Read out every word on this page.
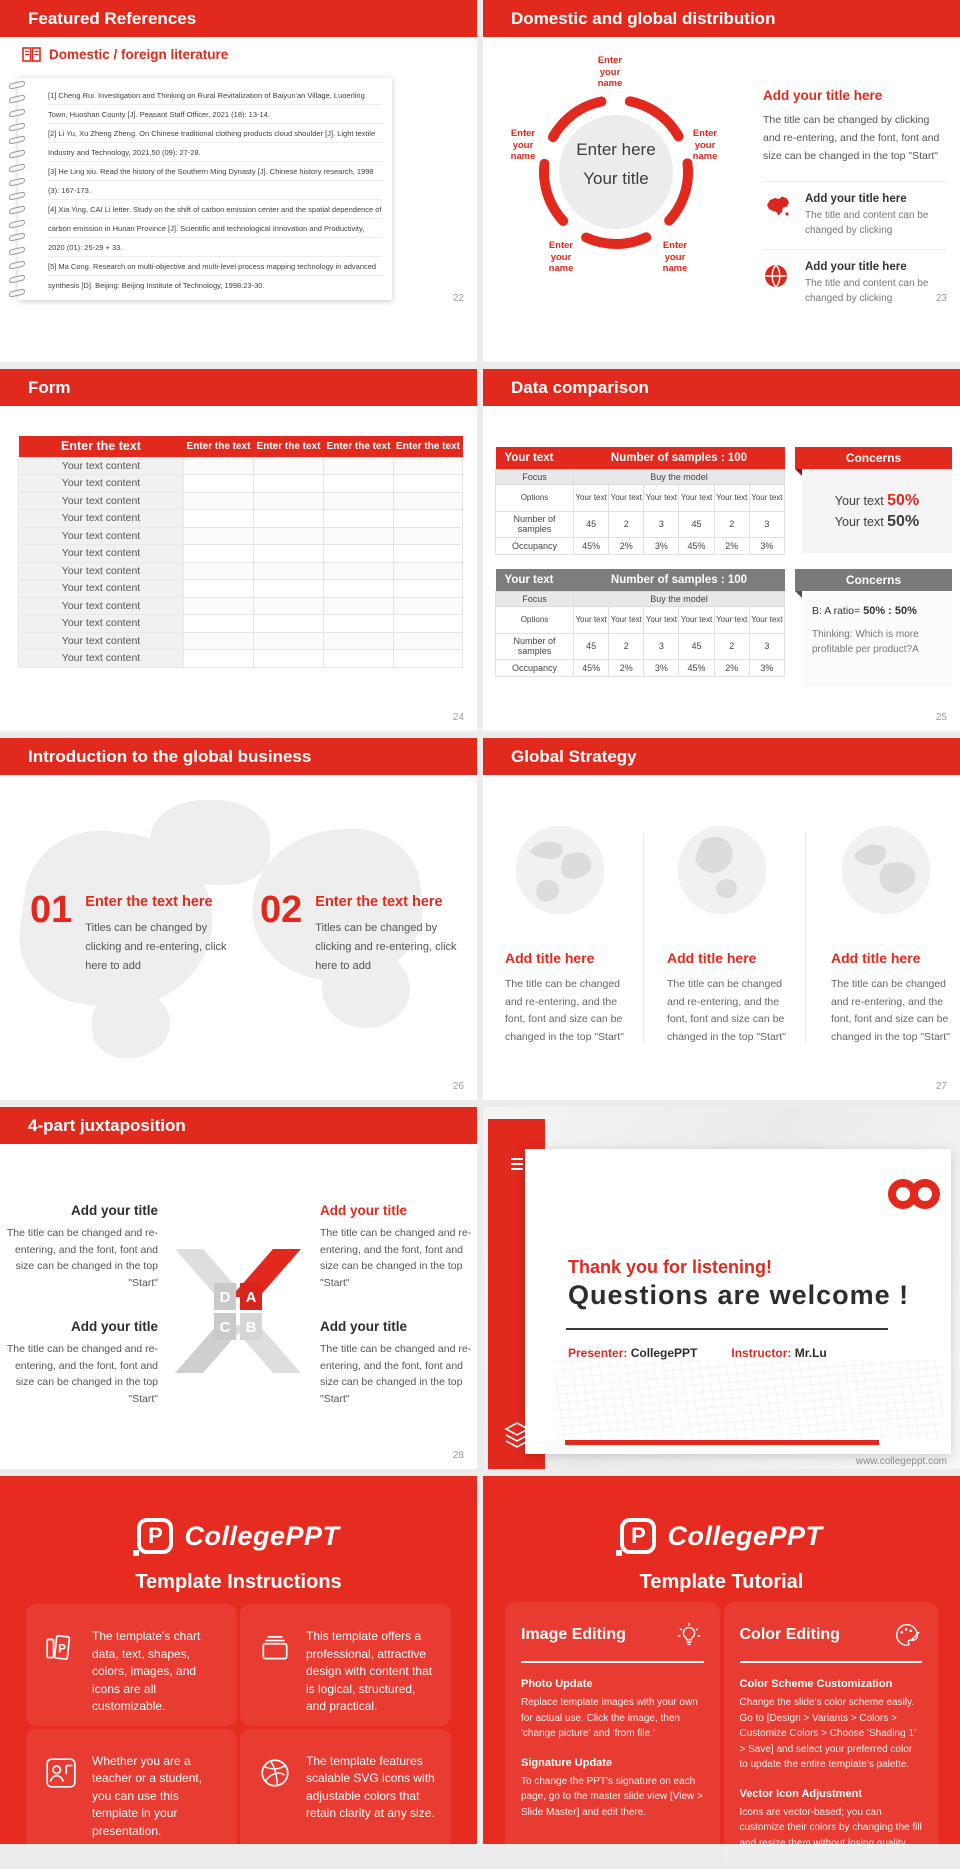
Featured References
Domestic / foreign literature

[1] Cheng Rui. Investigation and Thinking on Rural Revitalization of Baiyun'an Village, Luoerling Town, Huoshan County [J]. Peasant Staff Officer, 2021 (18): 13-14.

[2] Li Yu, Xu Zheng Zheng. On Chinese traditional clothing products cloud shoulder [J]. Light textile Industry and Technology, 2021,50 (09): 27-28.

[3] He Ling xiu. Read the history of the Southern Ming Dynasty [J]. Chinese history research, 1998 (3): 167-173.

[4] Xia Ying, CAI Li letter. Study on the shift of carbon emission center and the spatial dependence of carbon emission in Hunan Province [J]. Scientific and technological Innovation and Productivity, 2020 (01): 25-29 + 33.

[5] Ma Cong. Research on multi-objective and multi-level process mapping technology in advanced synthesis [D]. Beijing: Beijing Institute of Technology, 1998:23-30.

22
Domestic and global distribution
Enter here
Your title
Enter your name
Enter your name
Enter your name
Enter your name
Enter your name
Add your title here

The title can be changed by clicking and re-entering, and the font, font and size can be changed in the top "Start"

Add your title here

The title and content can be changed by clicking

Add your title here

The title and content can be changed by clicking	23
Form
Enter the text	Enter the text	Enter the text	Enter the text	Enter the text
Your text content				
Your text content				
Your text content				
Your text content				
Your text content				
Your text content				
Your text content				
Your text content				
Your text content				
Your text content				
Your text content				
Your text content				
24
Data comparison
Your text	Number of samples : 100					
Focus	Buy the model					
Options	Your text	Your text	Your text	Your text	Your text	Your text
Number of samples	45	2	3	45	2	3
Occupancy	45%	2%	3%	45%	2%	3%
Your text	Number of samples : 100					
Focus	Buy the model					
Options	Your text	Your text	Your text	Your text	Your text	Your text
Number of samples	45	2	3	45	2	3
Occupancy	45%	2%	3%	45%	2%	3%
Concerns
Your text 50%
Your text 50%
Concerns
B: A ratio= 50% : 50%
Thinking: Which is more profitable per product?A
25
Introduction to the global business
01 Enter the text here
Titles can be changed by clicking and re-entering, click here to add
02 Enter the text here
Titles can be changed by clicking and re-entering, click here to add
26
Global Strategy
Add title here
The title can be changed and re-entering, and the font, font and size can be changed in the top "Start"
Add title here
The title can be changed and re-entering, and the font, font and size can be changed in the top "Start"
Add title here
The title can be changed and re-entering, and the font, font and size can be changed in the top "Start"
27
4-part juxtaposition
Add your title
The title can be changed and re-entering, and the font, font and size can be changed in the top "Start"
Add your title
The title can be changed and re-entering, and the font, font and size can be changed in the top "Start"
Add your title
The title can be changed and re-entering, and the font, font and size can be changed in the top "Start"
Add your title
The title can be changed and re-entering, and the font, font and size can be changed in the top "Start"
D A
C B
28
Thank you for listening!
Questions are welcome !
Presenter: CollegePPT	Instructor: Mr.Lu
www.collegeppt.com
P CollegePPT
Template Instructions
P

The template's chart data, text, shapes, colors, images, and icons are all customizable.

This template offers a professional, attractive design with content that is logical, structured, and practical.

Whether you are a teacher or a student, you can use this template in your presentation.

The template features scalable SVG icons with adjustable colors that retain clarity at any size.

P CollegePPT
Template Tutorial
Image Editing
Photo Update

Replace template images with your own for actual use. Click the image, then 'change picture' and 'from file.'

Signature Update

To change the PPT's signature on each page, go to the master slide view [View > Slide Master] and edit there.

Color Editing
Color Scheme Customization

Change the slide's color scheme easily. Go to [Design > Variants > Colors > Customize Colors > Choose 'Shading 1' > Save] and select your preferred color to update the entire template's palette.

Vector Icon Adjustment

Icons are vector-based; you can customize their colors by changing the fill and resize them without losing quality.
